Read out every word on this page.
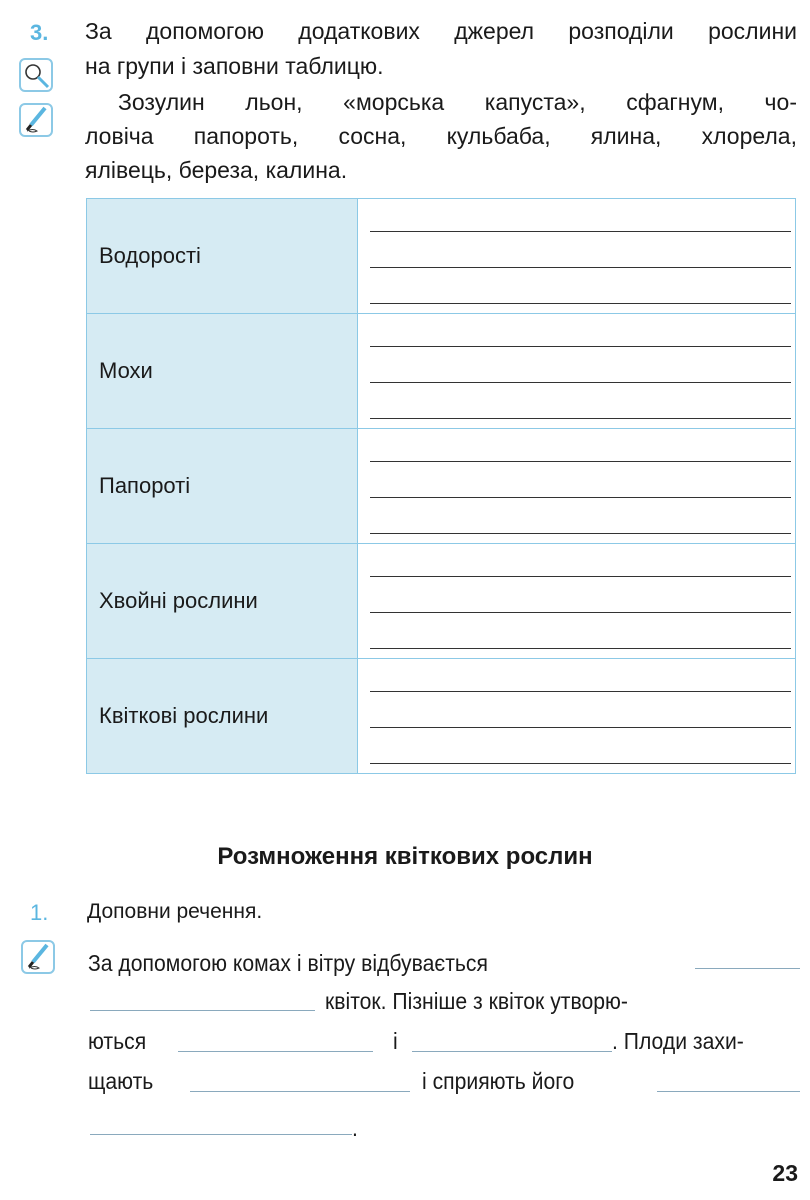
3. За допомогою додаткових джерел розподіли рослини
на групи і заповни таблицю.
Зозулин льон, «морська капуста», сфагнум, чо-
ловіча папороть, сосна, кульбаба, ялина, хлорела,
ялівець, береза, калина.
Водорості	

Мохи	

Папороті	

Хвойні рослини	

Квіткові рослини	
Розмноження квіткових рослин
1. Доповни речення.
За допомогою комах і вітру відбувається
квіток. Пізніше з квіток утворю-
ються	і	. Плоди захи-
щають	і сприяють його
.
23
